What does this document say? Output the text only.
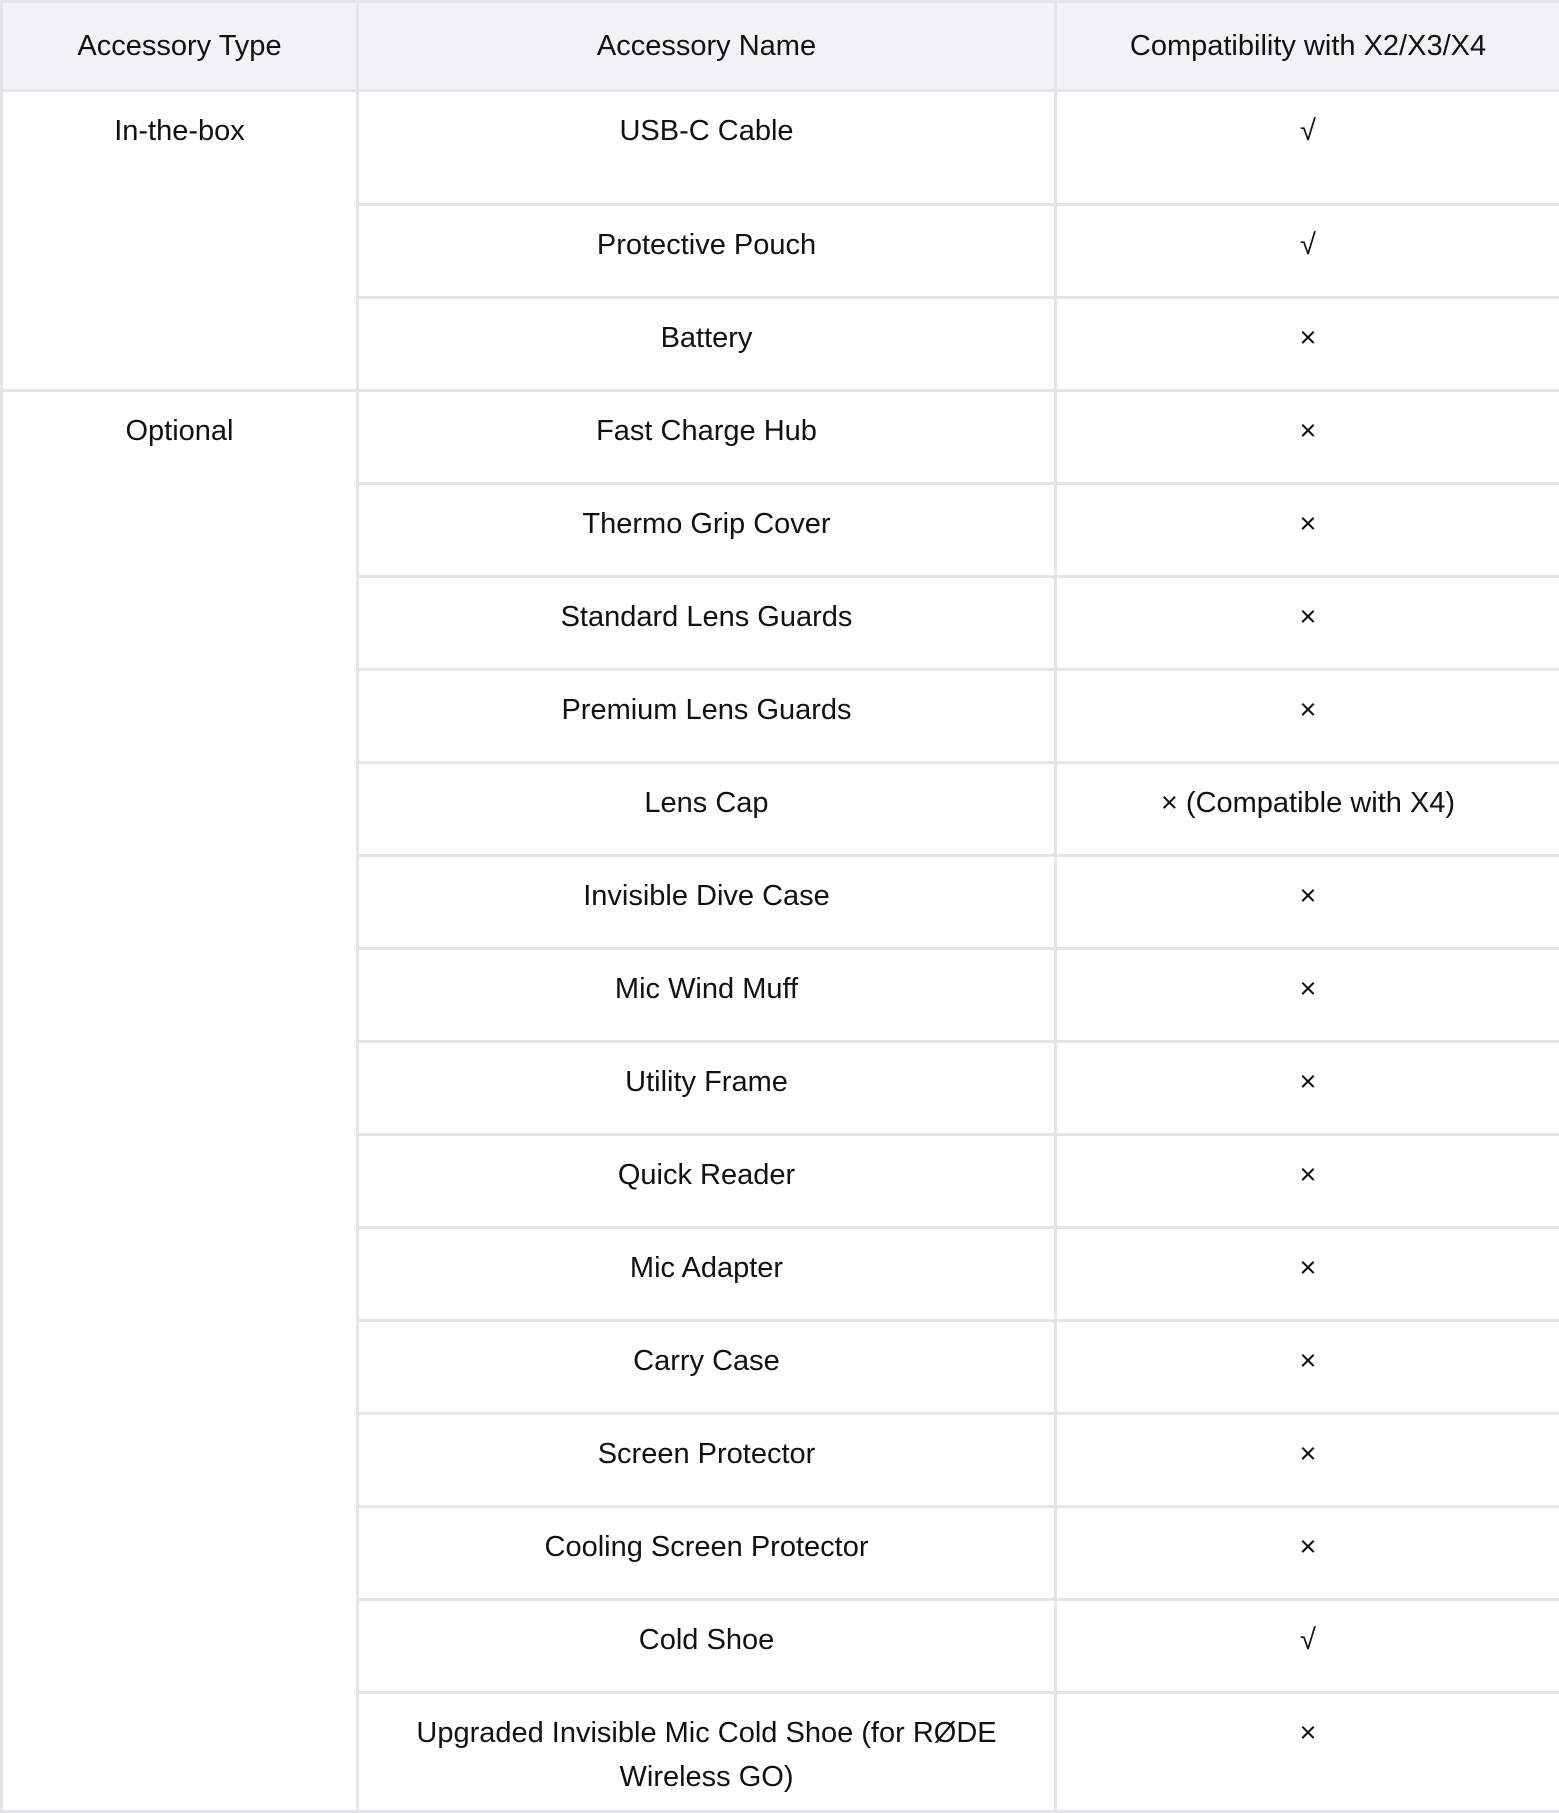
Accessory Type	Accessory Name	Compatibility with X2/X3/X4
In-the-box	USB-C Cable	√
	Protective Pouch	√
	Battery	×
Optional	Fast Charge Hub	×
	Thermo Grip Cover	×
	Standard Lens Guards	×
	Premium Lens Guards	×
	Lens Cap	× (Compatible with X4)
	Invisible Dive Case	×
	Mic Wind Muff	×
	Utility Frame	×
	Quick Reader	×
	Mic Adapter	×
	Carry Case	×
	Screen Protector	×
	Cooling Screen Protector	×
	Cold Shoe	√
	Upgraded Invisible Mic Cold Shoe (for RØDE Wireless GO)	×
